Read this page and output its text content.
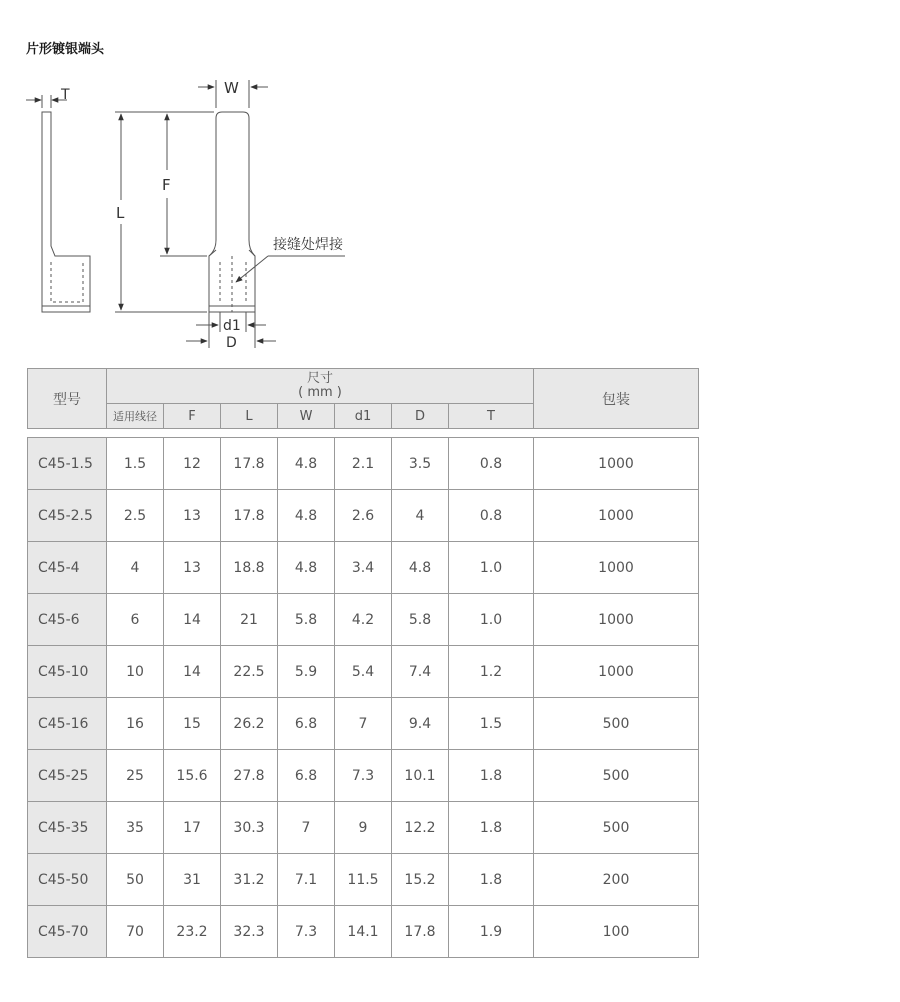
片形镀银端头
T	W
F
L
接缝处焊接
d1
D
型号	尺寸
( mm )							包装
	适用线径	F	L	W	d1	D	T	
C45-1.5	1.5	12	17.8	4.8	2.1	3.5	0.8	1000
C45-2.5	2.5	13	17.8	4.8	2.6	4	0.8	1000
C45-4	4	13	18.8	4.8	3.4	4.8	1.0	1000
C45-6	6	14	21	5.8	4.2	5.8	1.0	1000
C45-10	10	14	22.5	5.9	5.4	7.4	1.2	1000
C45-16	16	15	26.2	6.8	7	9.4	1.5	500
C45-25	25	15.6	27.8	6.8	7.3	10.1	1.8	500
C45-35	35	17	30.3	7	9	12.2	1.8	500
C45-50	50	31	31.2	7.1	11.5	15.2	1.8	200
C45-70	70	23.2	32.3	7.3	14.1	17.8	1.9	100
